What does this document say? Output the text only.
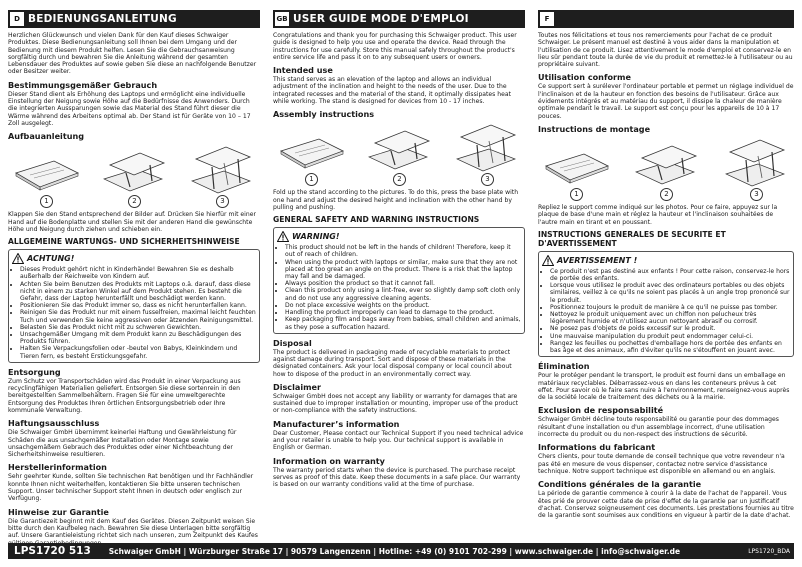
D BEDIENUNGSANLEITUNG

Herzlichen Glückwunsch und vielen Dank für den Kauf dieses Schwaiger Produktes. Diese Bedienungsanleitung soll Ihnen bei dem Umgang und der Bedienung mit diesem Produkt helfen. Lesen Sie die Gebrauchsanweisung sorgfältig durch und bewahren Sie die Anleitung während der gesamten Lebensdauer des Produktes auf sowie geben Sie diese an nachfolgende Benutzer oder Besitzer weiter.

Bestimmungsgemäßer Gebrauch

Dieser Stand dient als Erhöhung des Laptops und ermöglicht eine individuelle Einstellung der Neigung sowie Höhe auf die Bedürfnisse des Anwenders. Durch die integrierten Aussparungen sowie das Material des Stand führt dieser die Wärme während des Arbeitens optimal ab. Der Stand ist für Geräte von 10 – 17 Zoll ausgelegt.

Aufbauanleitung
1	2	3

Klappen Sie den Stand entsprechend der Bilder auf. Drücken Sie hierfür mit einer Hand auf die Bodenplatte und stellen Sie mit der anderen Hand die gewünschte Höhe und Neigung durch ziehen und schieben ein.

ALLGEMEINE WARTUNGS- UND SICHERHEITSHINWEISE
ACHTUNG!
• Dieses Produkt gehört nicht in Kinderhände! Bewahren Sie es deshalb außerhalb der Reichweite von Kindern auf.
• Achten Sie beim Benutzen des Produkts mit Laptops o.ä. darauf, dass diese nicht in einem zu starken Winkel auf dem Produkt stehen. Es besteht die Gefahr, dass der Laptop herunterfällt und beschädigt werden kann.
• Positionieren Sie das Produkt immer so, dass es nicht herunterfallen kann.
• Reinigen Sie das Produkt nur mit einem fusselfreien, maximal leicht feuchten Tuch und verwenden Sie keine aggressiven oder ätzenden Reinigungsmittel.
• Belasten Sie das Produkt nicht mit zu schweren Gewichten.
• Unsachgemäßer Umgang mit dem Produkt kann zu Beschädigungen des Produkts führen.
• Halten Sie Verpackungsfolien oder -beutel von Babys, Kleinkindern und Tieren fern, es besteht Erstickungsgefahr.
Entsorgung

Zum Schutz vor Transportschäden wird das Produkt in einer Verpackung aus recyclingfähigen Materialien geliefert. Entsorgen Sie diese sortenrein in den bereitgestellten Sammelbehältern. Fragen Sie für eine umweltgerechte Entsorgung des Produktes Ihren örtlichen Entsorgungsbetrieb oder Ihre kommunale Verwaltung.

Haftungsausschluss

Die Schwaiger GmbH übernimmt keinerlei Haftung und Gewährleistung für Schäden die aus unsachgemäßer Installation oder Montage sowie unsachgemäßem Gebrauch des Produktes oder einer Nichtbeachtung der Sicherheitshinweise resultieren.

Herstellerinformation

Sehr geehrter Kunde, sollten Sie technischen Rat benötigen und Ihr Fachhändler konnte Ihnen nicht weiterhelfen, kontaktieren Sie bitte unseren technischen Support. Unser technischer Support steht Ihnen in deutsch oder englisch zur Verfügung.

Hinweise zur Garantie

Die Garantiezeit beginnt mit dem Kauf des Gerätes. Diesen Zeitpunkt weisen Sie bitte durch den Kaufbeleg nach. Bewahren Sie diese Unterlagen bitte sorgfältig auf. Unsere Garantieleistung richtet sich nach unseren, zum Zeitpunkt des Kaufes

GB USER GUIDE MODE D'EMPLOI

Congratulations and thank you for purchasing this Schwaiger product. This user guide is designed to help you use and operate the device. Read through the instructions for use carefully. Store this manual safely throughout the product's entire service life and pass it on to any subsequent users or owners.

Intended use

This stand serves as an elevation of the laptop and allows an individual adjustment of the inclination and height to the needs of the user. Due to the integrated recesses and the material of the stand, it optimally dissipates heat while working. The stand is designed for devices from 10 - 17 inches.

Assembly instructions
1	2	3

Fold up the stand according to the pictures. To do this, press the base plate with one hand and adjust the desired height and inclination with the other hand by pulling and pushing.

GENERAL SAFETY AND WARNING INSTRUCTIONS
WARNING!
• This product should not be left in the hands of children! Therefore, keep it out of reach of children.
• When using the product with laptops or similar, make sure that they are not placed at too great an angle on the product. There is a risk that the laptop may fall and be damaged.
• Always position the product so that it cannot fall.
• Clean this product only using a lint-free, ever so slightly damp soft cloth only and do not use any aggressive cleaning agents.
• Do not place excessive weights on the product.
• Handling the product improperly can lead to damage to the product.
• Keep packaging film and bags away from babies, small children and animals, as they pose a suffocation hazard.
Disposal

The product is delivered in packaging made of recyclable materials to protect against damage during transport. Sort and dispose of these materials in the designated containers. Ask your local disposal company or local council about how to dispose of the product in an environmentally correct way.

Disclaimer

Schwaiger GmbH does not accept any liability or warranty for damages that are sustained due to improper installation or mounting, improper use of the product or non-compliance with the safety instructions.

Manufacturer’s information

Dear Customer, Please contact our Technical Support if you need technical advice and your retailer is unable to help you. Our technical support is available in English or German.

Information on warranty

The warranty period starts when the device is purchased. The purchase receipt serves as proof of this date. Keep these documents in a safe place. Our warranty is based on our warranty conditions valid at the time of purchase.

F

Toutes nos félicitations et tous nos remerciements pour l'achat de ce produit Schwaiger. Le présent manuel est destiné à vous aider dans la manipulation et l'utilisation de ce produit. Lisez attentivement le mode d'emploi et conservez-le en lieu sûr pendant toute la durée de vie du produit et remettez-le à l'utilisateur ou au propriétaire suivant.

Utilisation conforme

Ce support sert à surélever l'ordinateur portable et permet un réglage individuel de l'inclinaison et de la hauteur en fonction des besoins de l'utilisateur. Grâce aux évidements intégrés et au matériau du support, il dissipe la chaleur de manière optimale pendant le travail. Le support est conçu pour les appareils de 10 à 17 pouces.

Instructions de montage
1	2	3

Repliez le support comme indiqué sur les photos. Pour ce faire, appuyez sur la plaque de base d'une main et réglez la hauteur et l'inclinaison souhaitées de l'autre main en tirant et en poussant.

INSTRUCTIONS GENERALES DE SECURITE ET D'AVERTISSEMENT
AVERTISSEMENT !
• Ce produit n'est pas destiné aux enfants ! Pour cette raison, conservez-le hors de portée des enfants.
• Lorsque vous utilisez le produit avec des ordinateurs portables ou des objets similaires, veillez à ce qu'ils ne soient pas placés à un angle trop prononcé sur le produit.
• Positionnez toujours le produit de manière à ce qu'il ne puisse pas tomber.
• Nettoyez le produit uniquement avec un chiffon non pelucheux très légèrement humide et n'utilisez aucun nettoyant abrasif ou corrosif.
• Ne posez pas d'objets de poids excessif sur le produit.
• Une mauvaise manipulation du produit peut endommager celui-ci.
• Rangez les feuilles ou pochettes d'emballage hors de portée des enfants en bas âge et des animaux, afin d'éviter qu'ils ne s'étouffent en jouant avec.
Élimination

Pour le protéger pendant le transport, le produit est fourni dans un emballage en matériaux recyclables. Débarrassez-vous en dans les conteneurs prévus à cet effet. Pour savoir où le faire sans nuire à l'environnement, renseignez-vous auprès de la société locale de traitement des déchets ou à la mairie.

Exclusion de responsabilité

Schwaiger GmbH décline toute responsabilité ou garantie pour des dommages résultant d'une installation ou d'un assemblage incorrect, d'une utilisation incorrecte du produit ou du non-respect des instructions de sécurité.

Informations du fabricant

Chers clients, pour toute demande de conseil technique que votre revendeur n'a pas été en mesure de vous dispenser, contactez notre service d'assistance technique. Notre support technique est disponible en allemand ou en anglais.

Conditions générales de la garantie

La période de garantie commence à courir à la date de l'achat de l'appareil. Vous êtes prié de prouver cette date de prise d'effet de la garantie par un justificatif d'achat. Conservez soigneusement ces documents. Les prestations fournies au titre de la garantie sont soumises aux conditions en vigueur à partir de la date d'achat.

LPS1720 513 Schwaiger GmbH | Würzburger Straße 17 | 90579 Langenzenn | Hotline: +49 (0) 9101 702-299 | www.schwaiger.de | info@schwaiger.de	LPS1720_BDA
